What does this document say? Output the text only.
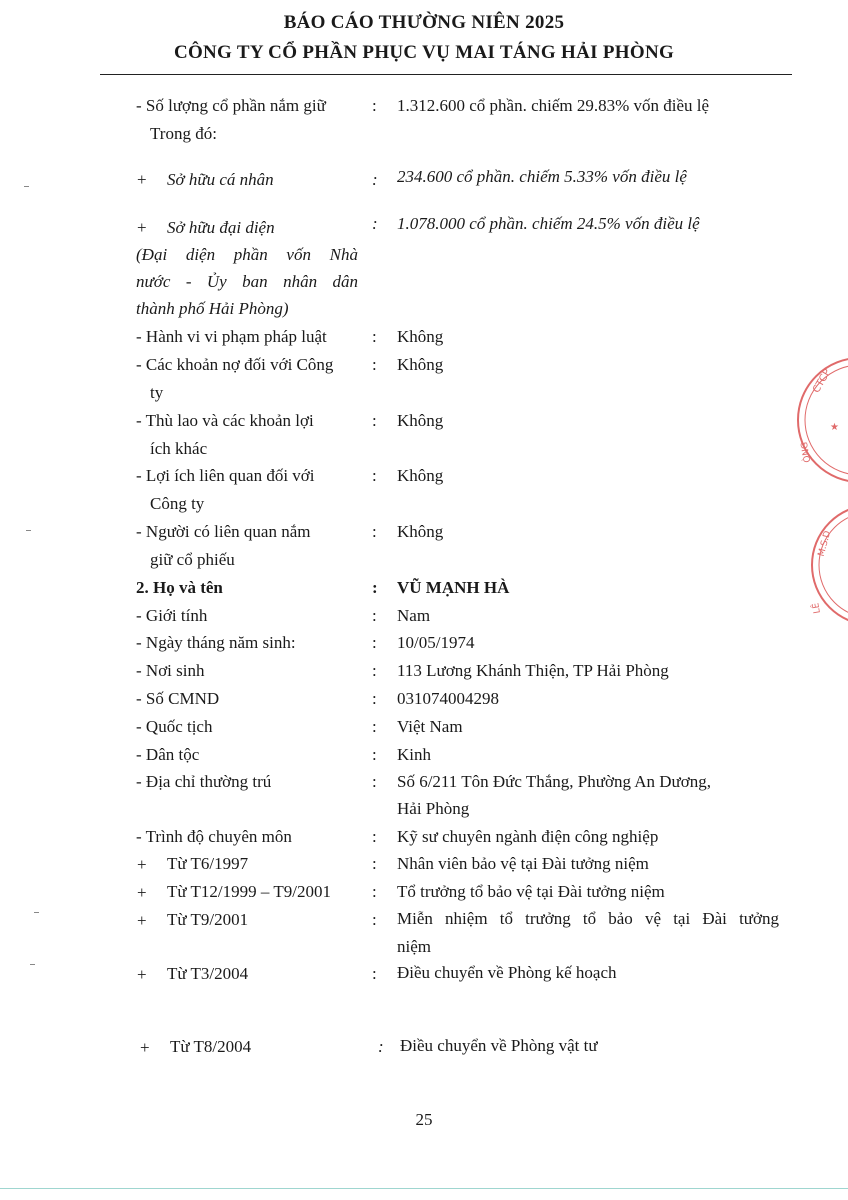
BÁO CÁO THƯỜNG NIÊN 2025
CÔNG TY CỔ PHẦN PHỤC VỤ MAI TÁNG HẢI PHÒNG
- Số lượng cổ phần nắm giữ	: 1.312.600 cổ phần. chiếm 29.83% vốn điều lệ
Trong đó:
+ Sở hữu cá nhân	: 234.600 cổ phần. chiếm 5.33% vốn điều lệ
+ Sở hữu đại diện	: 1.078.000 cổ phần. chiếm 24.5% vốn điều lệ
(Đại diện phần vốn Nhà
nước - Ủy ban nhân dân
thành phố Hải Phòng)
- Hành vi vi phạm pháp luật	: Không
- Các khoản nợ đối với Công : Không
ty
- Thù lao và các khoản lợi	: Không
ích khác
- Lợi ích liên quan đối với	: Không
Công ty
- Người có liên quan nắm	: Không
giữ cổ phiếu
2. Họ và tên	: VŨ MẠNH HÀ
- Giới tính	: Nam
- Ngày tháng năm sinh:	: 10/05/1974
- Nơi sinh	: 113 Lương Khánh Thiện, TP Hải Phòng
- Số CMND	: 031074004298
- Quốc tịch	: Việt Nam
- Dân tộc	: Kinh
- Địa chỉ thường trú	: Số 6/211 Tôn Đức Thắng, Phường An Dương,
Hải Phòng
- Trình độ chuyên môn	: Kỹ sư chuyên ngành điện công nghiệp
+ Từ T6/1997	: Nhân viên bảo vệ tại Đài tưởng niệm
+ Từ T12/1999 – T9/2001 : Tổ trưởng tổ bảo vệ tại Đài tưởng niệm
+ Từ T9/2001	: Miễn nhiệm tổ trưởng tổ bảo vệ tại Đài tưởng
niệm
+ Từ T3/2004	: Điều chuyển về Phòng kế hoạch
+ Từ T8/2004	: Điều chuyển về Phòng vật tư
25
CTCP
ÒNG
★
M.S.D
LÊ
